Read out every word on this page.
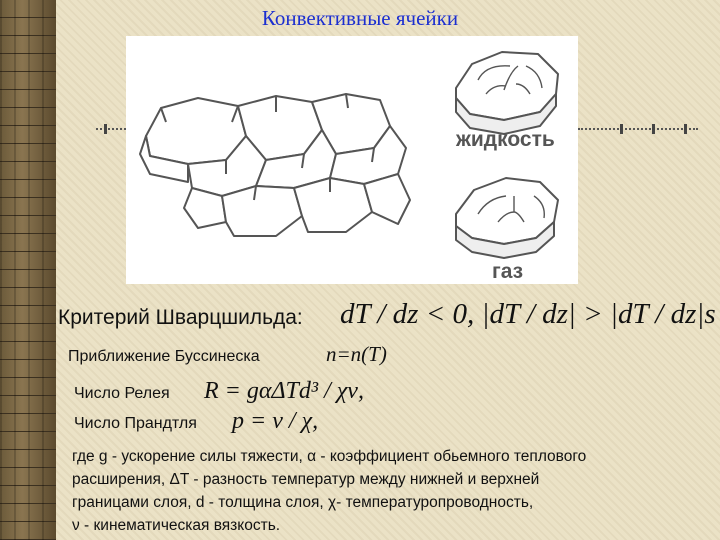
Конвективные ячейки
жидкость
газ
Критерий Шварцшильда: dT / dz < 0, |dT / dz| > |dT / dz|s
Приближение Буссинеска	n=n(T)
Число Релея R = gαΔTd³ / χν,
Число Прандтля p = ν / χ,
где g - ускорение силы тяжести, α - коэффициент обьемного теплового
расширения, ΔT - разность температур между нижней и верхней
границами слоя, d - толщина слоя, χ- температуропроводность,
ν - кинематическая вязкость.
